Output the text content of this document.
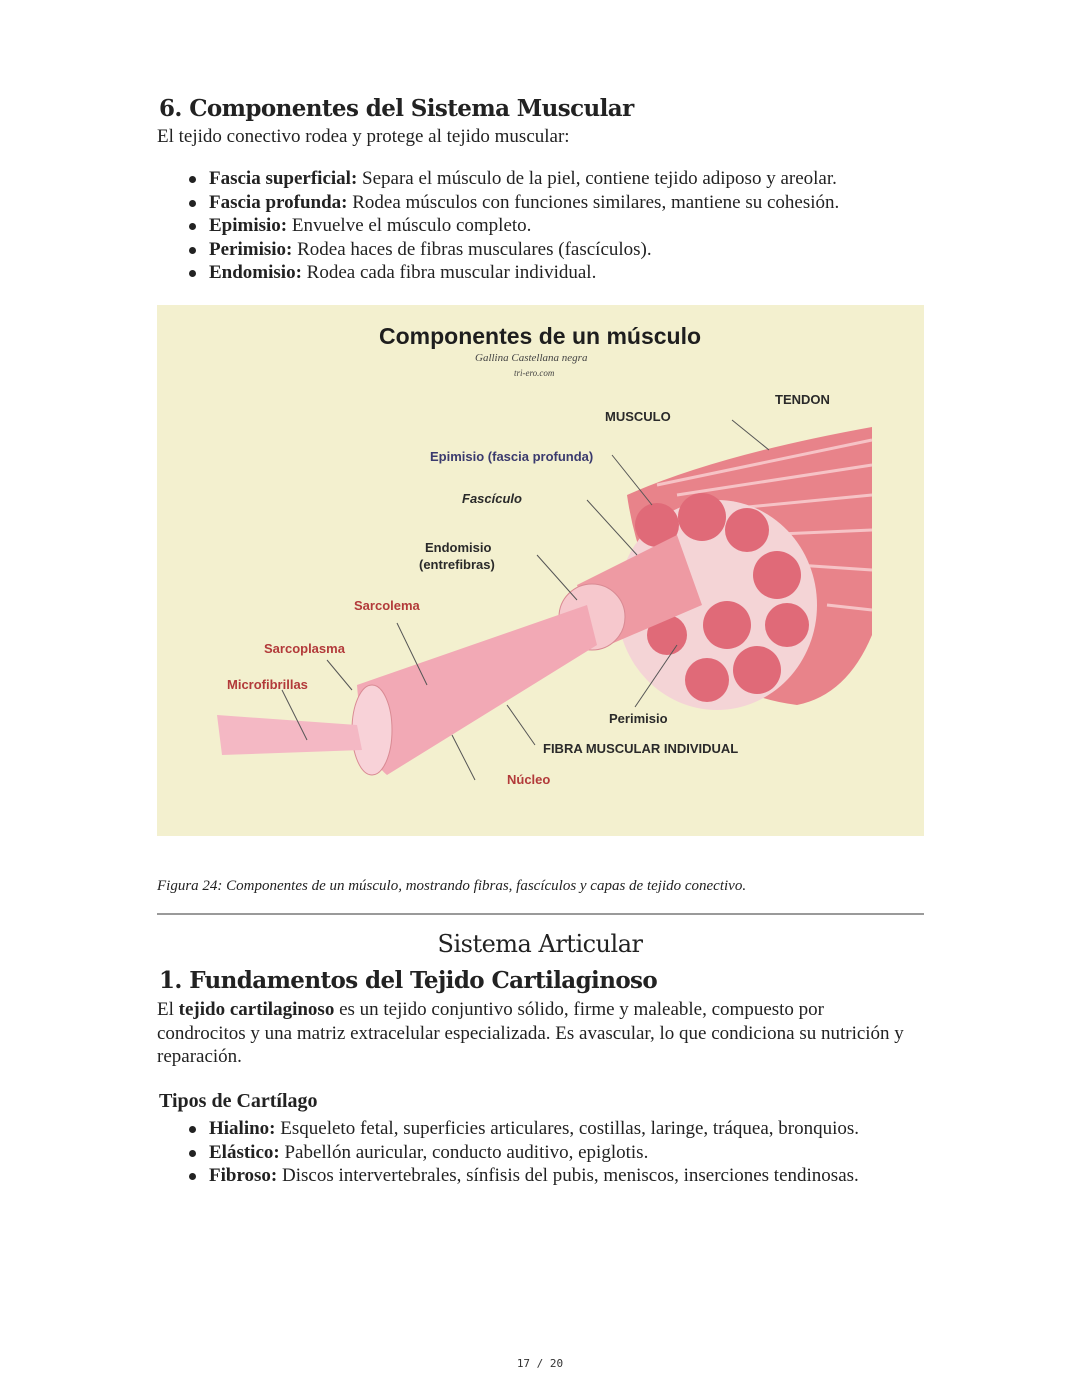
6. Componentes del Sistema Muscular
El tejido conectivo rodea y protege al tejido muscular:
Fascia superficial: Separa el músculo de la piel, contiene tejido adiposo y areolar.
Fascia profunda: Rodea músculos con funciones similares, mantiene su cohesión.
Epimisio: Envuelve el músculo completo.
Perimisio: Rodea haces de fibras musculares (fascículos).
Endomisio: Rodea cada fibra muscular individual.
Componentes de un músculo
Gallina Castellana negra
tri-ero.com
TENDON
MUSCULO
Epimisio (fascia profunda)
Fascículo
Endomisio
(entrefibras)
Sarcolema
Sarcoplasma
Microfibrillas
Perimisio
FIBRA MUSCULAR INDIVIDUAL
Núcleo
Figura 24: Componentes de un músculo, mostrando fibras, fascículos y capas de tejido conectivo.
Sistema Articular
1. Fundamentos del Tejido Cartilaginoso
El tejido cartilaginoso es un tejido conjuntivo sólido, firme y maleable, compuesto por condrocitos y una matriz extracelular especializada. Es avascular, lo que condiciona su nutrición y reparación.
Tipos de Cartílago
Hialino: Esqueleto fetal, superficies articulares, costillas, laringe, tráquea, bronquios.
Elástico: Pabellón auricular, conducto auditivo, epiglotis.
Fibroso: Discos intervertebrales, sínfisis del pubis, meniscos, inserciones tendinosas.
17 / 20
